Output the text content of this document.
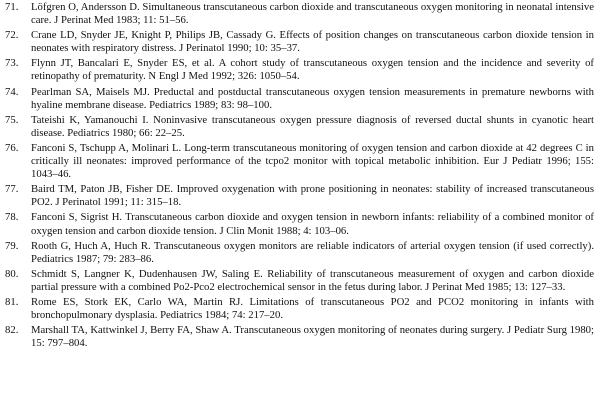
71.	Löfgren O, Andersson D. Simultaneous transcutaneous carbon dioxide and transcutaneous oxygen monitoring in neonatal intensive care. J Perinat Med 1983; 11: 51–56.
72.	Crane LD, Snyder JE, Knight P, Philips JB, Cassady G. Effects of position changes on transcutaneous carbon dioxide tension in neonates with respiratory distress. J Perinatol 1990; 10: 35–37.
73.	Flynn JT, Bancalari E, Snyder ES, et al. A cohort study of transcutaneous oxygen tension and the incidence and severity of retinopathy of prematurity. N Engl J Med 1992; 326: 1050–54.
74.	Pearlman SA, Maisels MJ. Preductal and postductal transcutaneous oxygen tension measurements in premature newborns with hyaline membrane disease. Pediatrics 1989; 83: 98–100.
75.	Tateishi K, Yamanouchi I. Noninvasive transcutaneous oxygen pressure diagnosis of reversed ductal shunts in cyanotic heart disease. Pediatrics 1980; 66: 22–25.
76.	Fanconi S, Tschupp A, Molinari L. Long-term transcutaneous monitoring of oxygen tension and carbon dioxide at 42 degrees C in critically ill neonates: improved performance of the tcpo2 monitor with topical metabolic inhibition. Eur J Pediatr 1996; 155: 1043–46.
77.	Baird TM, Paton JB, Fisher DE. Improved oxygenation with prone positioning in neonates: stability of increased transcutaneous PO2. J Perinatol 1991; 11: 315–18.
78.	Fanconi S, Sigrist H. Transcutaneous carbon dioxide and oxygen tension in newborn infants: reliability of a combined monitor of oxygen tension and carbon dioxide tension. J Clin Monit 1988; 4: 103–06.
79.	Rooth G, Huch A, Huch R. Transcutaneous oxygen monitors are reliable indicators of arterial oxygen tension (if used correctly). Pediatrics 1987; 79: 283–86.
80.	Schmidt S, Langner K, Dudenhausen JW, Saling E. Reliability of transcutaneous measurement of oxygen and carbon dioxide partial pressure with a combined Po2-Pco2 electrochemical sensor in the fetus during labor. J Perinat Med 1985; 13: 127–33.
81.	Rome ES, Stork EK, Carlo WA, Martin RJ. Limitations of transcutaneous PO2 and PCO2 monitoring in infants with bronchopulmonary dysplasia. Pediatrics 1984; 74: 217–20.
82.	Marshall TA, Kattwinkel J, Berry FA, Shaw A. Transcutaneous oxygen monitoring of neonates during surgery. J Pediatr Surg 1980; 15: 797–804.
